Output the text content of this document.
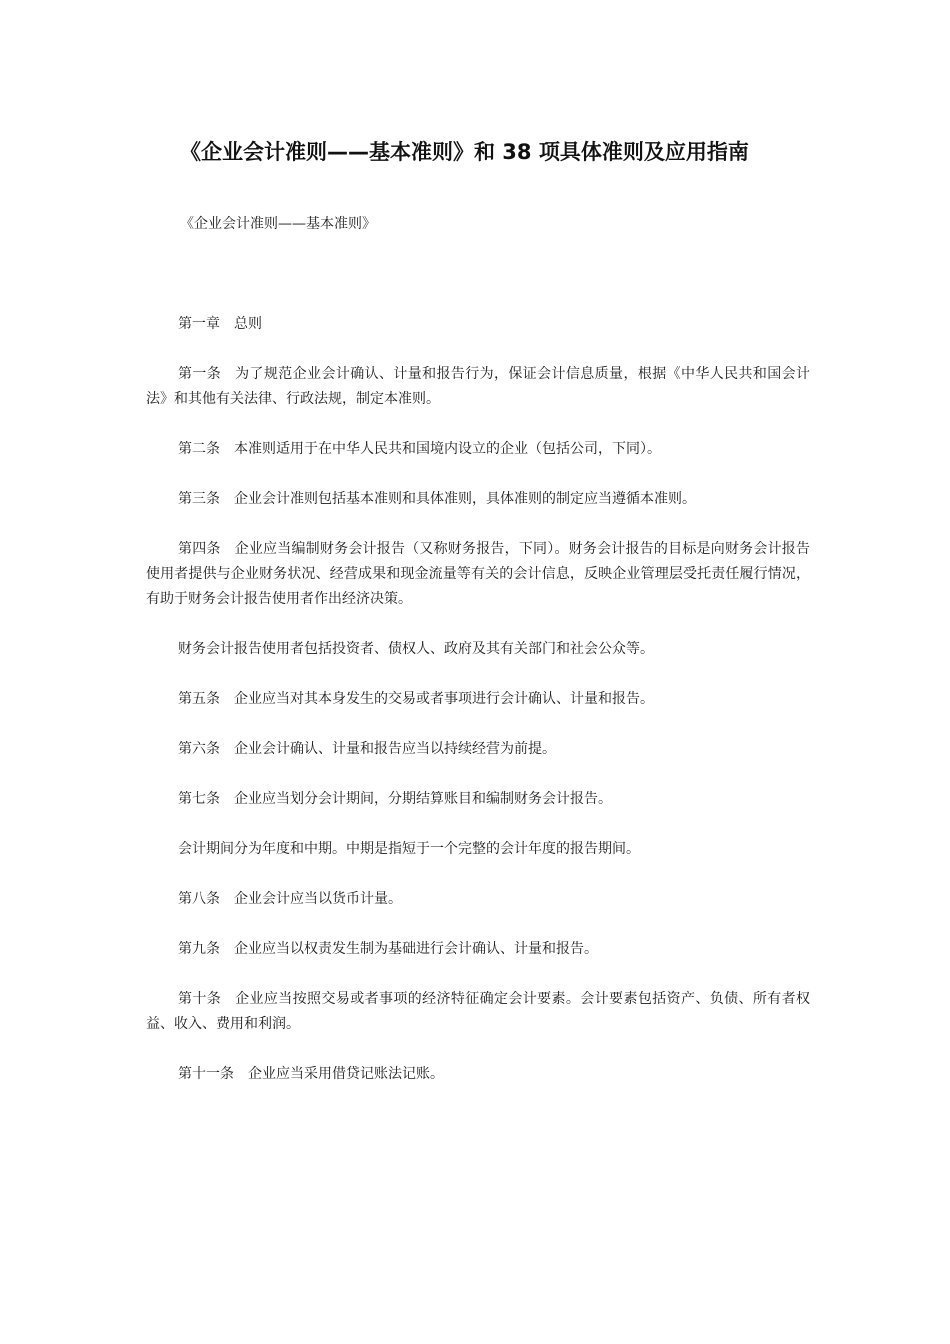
《企业会计准则——基本准则》和 38 项具体准则及应用指南

《企业会计准则——基本准则》

第一章 总则

第一条 为了规范企业会计确认、计量和报告行为，保证会计信息质量，根据《中华人民共和国会计法》和其他有关法律、行政法规，制定本准则。

第二条 本准则适用于在中华人民共和国境内设立的企业（包括公司，下同）。

第三条 企业会计准则包括基本准则和具体准则，具体准则的制定应当遵循本准则。

第四条 企业应当编制财务会计报告（又称财务报告，下同）。财务会计报告的目标是向财务会计报告使用者提供与企业财务状况、经营成果和现金流量等有关的会计信息，反映企业管理层受托责任履行情况，有助于财务会计报告使用者作出经济决策。

财务会计报告使用者包括投资者、债权人、政府及其有关部门和社会公众等。

第五条 企业应当对其本身发生的交易或者事项进行会计确认、计量和报告。

第六条 企业会计确认、计量和报告应当以持续经营为前提。

第七条 企业应当划分会计期间，分期结算账目和编制财务会计报告。

会计期间分为年度和中期。中期是指短于一个完整的会计年度的报告期间。

第八条 企业会计应当以货币计量。

第九条 企业应当以权责发生制为基础进行会计确认、计量和报告。

第十条 企业应当按照交易或者事项的经济特征确定会计要素。会计要素包括资产、负债、所有者权益、收入、费用和利润。

第十一条 企业应当采用借贷记账法记账。
